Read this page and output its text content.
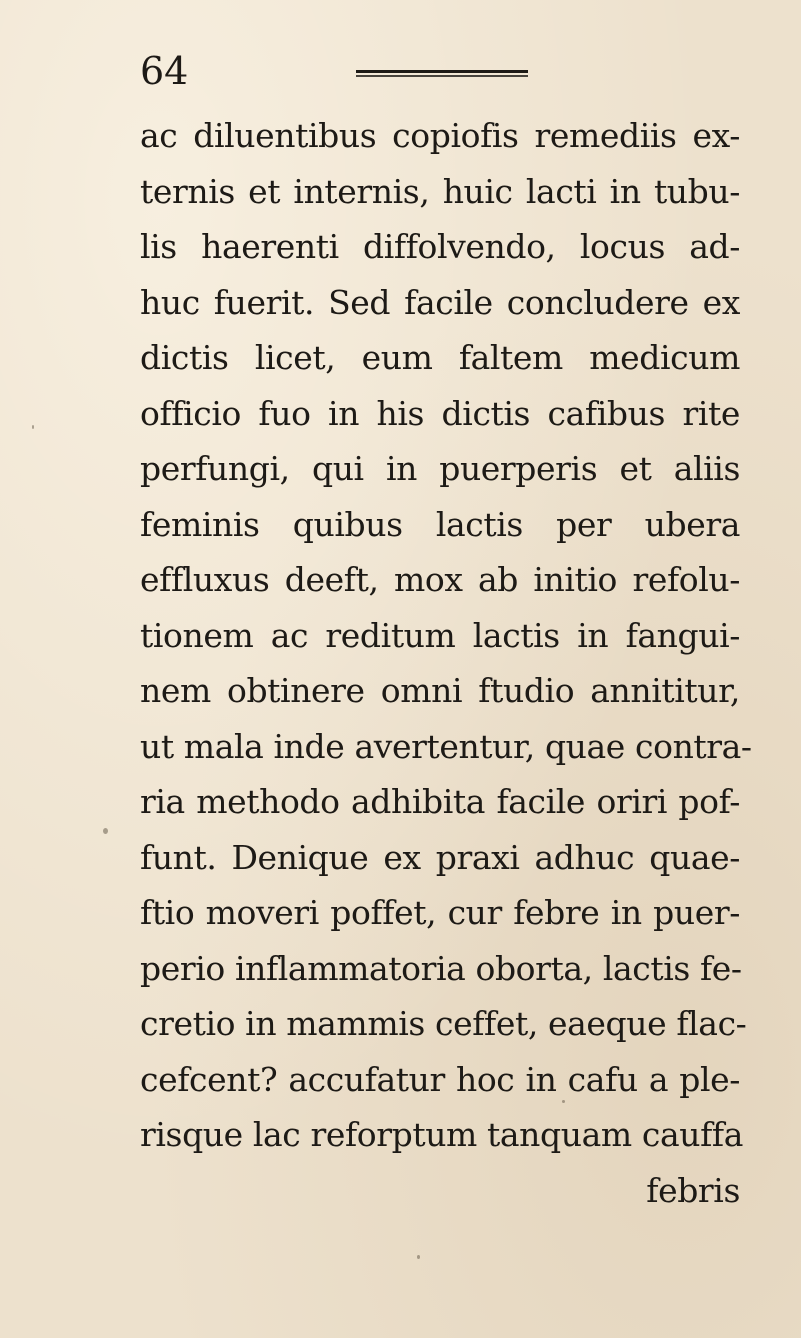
64
ac diluentibus copiofis remediis ex-
ternis et internis, huic lacti in tubu-
lis haerenti diffolvendo, locus ad-
huc fuerit. Sed facile concludere ex
dictis licet, eum faltem medicum
officio fuo in his dictis cafibus rite
perfungi, qui in puerperis et aliis
feminis quibus lactis per ubera
effluxus deeft, mox ab initio refolu-
tionem ac reditum lactis in fangui-
nem obtinere omni ftudio annititur,
ut mala inde avertentur, quae contra-
ria methodo adhibita facile oriri pof-
funt. Denique ex praxi adhuc quae-
ftio moveri poffet, cur febre in puer-
perio inflammatoria oborta, lactis fe-
cretio in mammis ceffet, eaeque flac-
cefcent? accufatur hoc in cafu a ple-
risque lac reforptum tanquam cauffa
febris
